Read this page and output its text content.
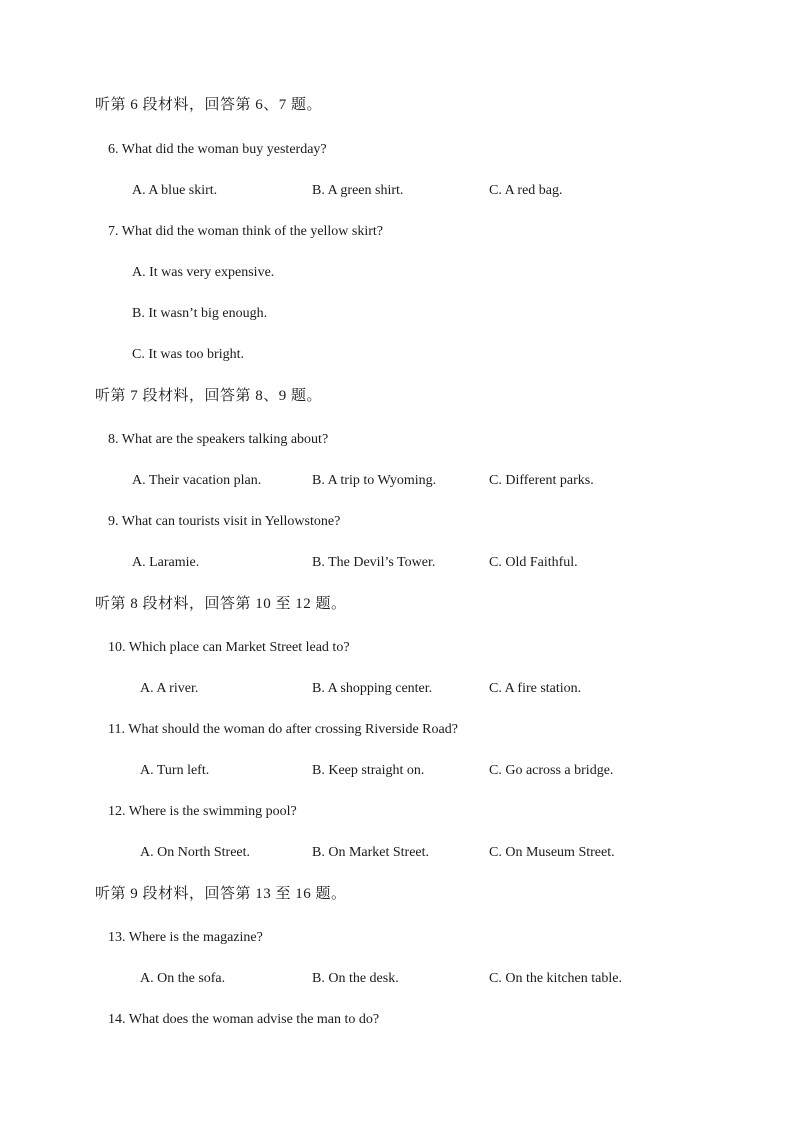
听第 6 段材料，回答第 6、7 题。
6. What did the woman buy yesterday?
A. A blue skirt.	B. A green shirt.	C. A red bag.
7. What did the woman think of the yellow skirt?
A. It was very expensive.
B. It wasn’t big enough.
C. It was too bright.
听第 7 段材料，回答第 8、9 题。
8. What are the speakers talking about?
A. Their vacation plan.	B. A trip to Wyoming.	C. Different parks.
9. What can tourists visit in Yellowstone?
A. Laramie.	B. The Devil’s Tower.	C. Old Faithful.
听第 8 段材料，回答第 10 至 12 题。
10. Which place can Market Street lead to?
A. A river.	B. A shopping center.	C. A fire station.
11. What should the woman do after crossing Riverside Road?
A. Turn left.	B. Keep straight on.	C. Go across a bridge.
12. Where is the swimming pool?
A. On North Street.	B. On Market Street.	C. On Museum Street.
听第 9 段材料，回答第 13 至 16 题。
13. Where is the magazine?
A. On the sofa.	B. On the desk.	C. On the kitchen table.
14. What does the woman advise the man to do?
